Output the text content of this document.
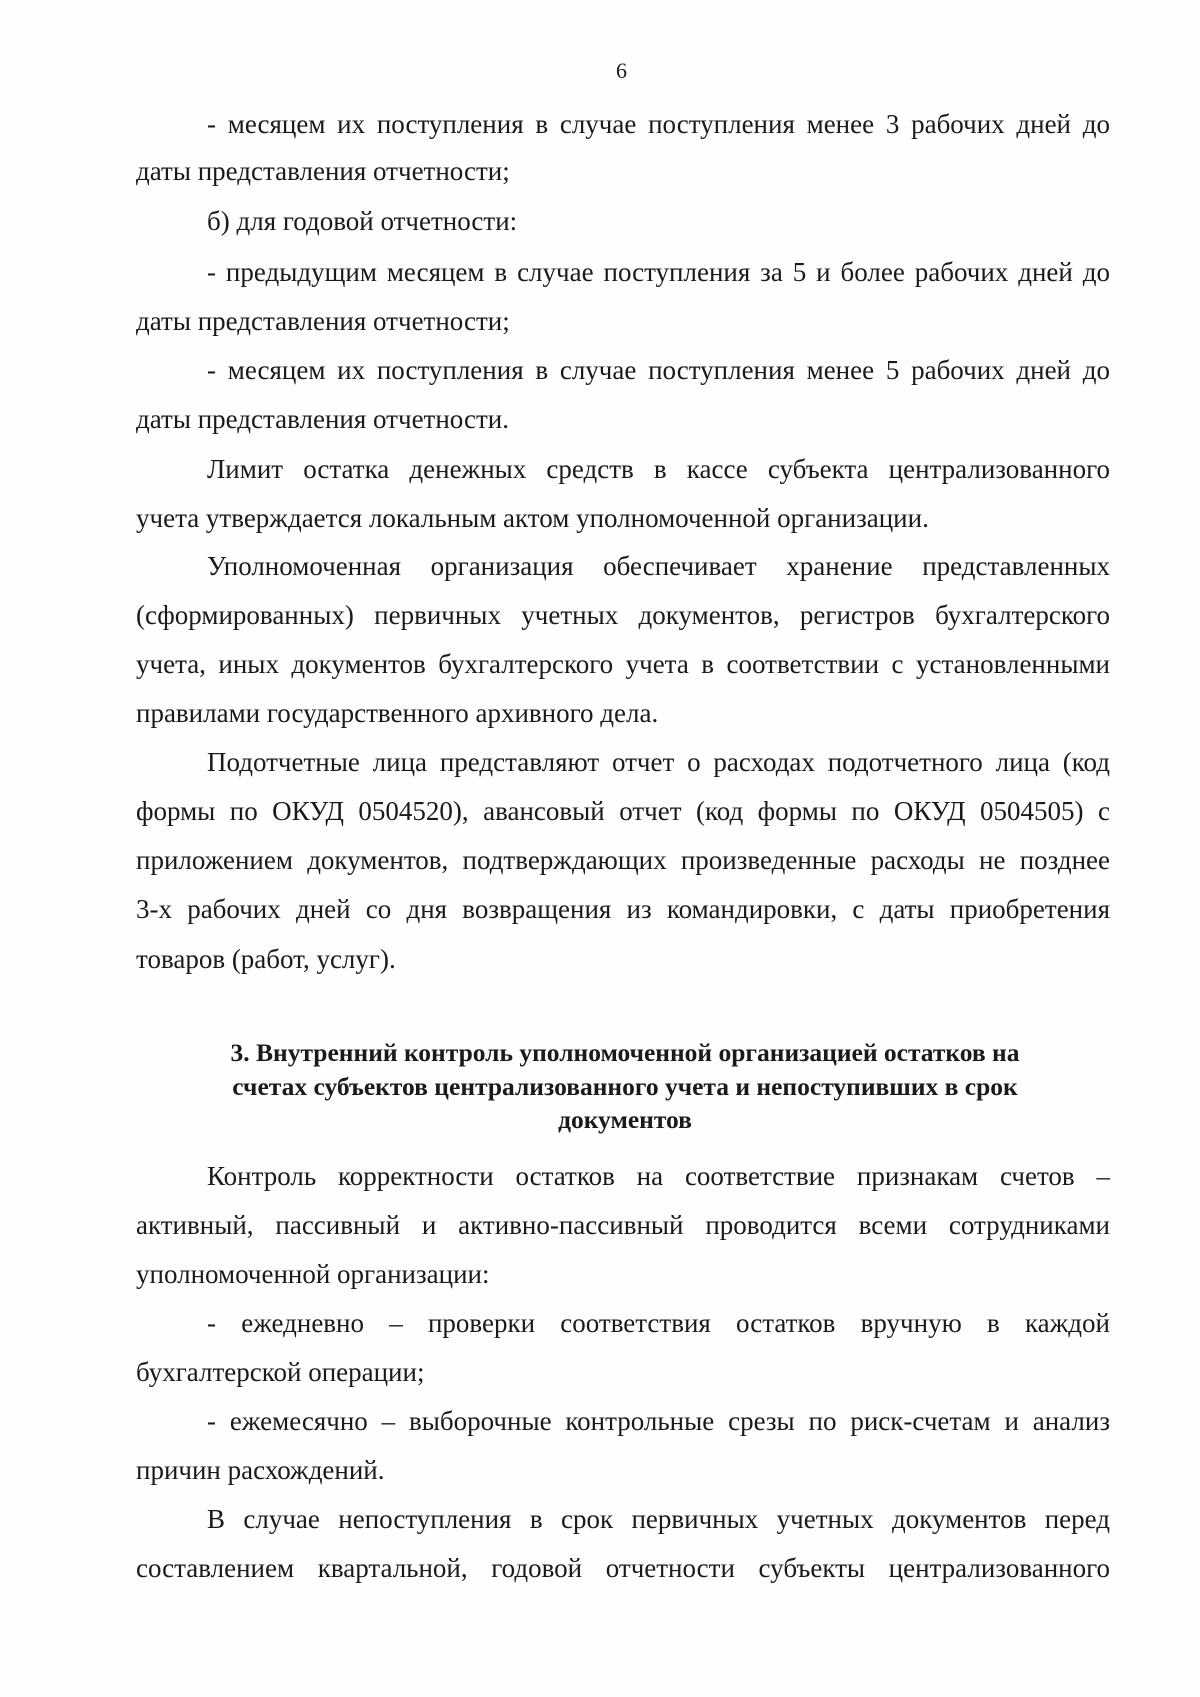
6
- месяцем их поступления в случае поступления менее 3 рабочих дней до
даты представления отчетности;
б) для годовой отчетности:
- предыдущим месяцем в случае поступления за 5 и более рабочих дней до
даты представления отчетности;
- месяцем их поступления в случае поступления менее 5 рабочих дней до
даты представления отчетности.
Лимит остатка денежных средств в кассе субъекта централизованного
учета утверждается локальным актом уполномоченной организации.
Уполномоченная организация обеспечивает хранение представленных
(сформированных) первичных учетных документов, регистров бухгалтерского
учета, иных документов бухгалтерского учета в соответствии с установленными
правилами государственного архивного дела.
Подотчетные лица представляют отчет о расходах подотчетного лица (код
формы по ОКУД 0504520), авансовый отчет (код формы по ОКУД 0504505) с
приложением документов, подтверждающих произведенные расходы не позднее
3-х рабочих дней со дня возвращения из командировки, с даты приобретения
товаров (работ, услуг).
3. Внутренний контроль уполномоченной организацией остатков на
счетах субъектов централизованного учета и непоступивших в срок
документов
Контроль корректности остатков на соответствие признакам счетов –
активный, пассивный и активно-пассивный проводится всеми сотрудниками
уполномоченной организации:
- ежедневно – проверки соответствия остатков вручную в каждой
бухгалтерской операции;
- ежемесячно – выборочные контрольные срезы по риск-счетам и анализ
причин расхождений.
В случае непоступления в срок первичных учетных документов перед
составлением квартальной, годовой отчетности субъекты централизованного
